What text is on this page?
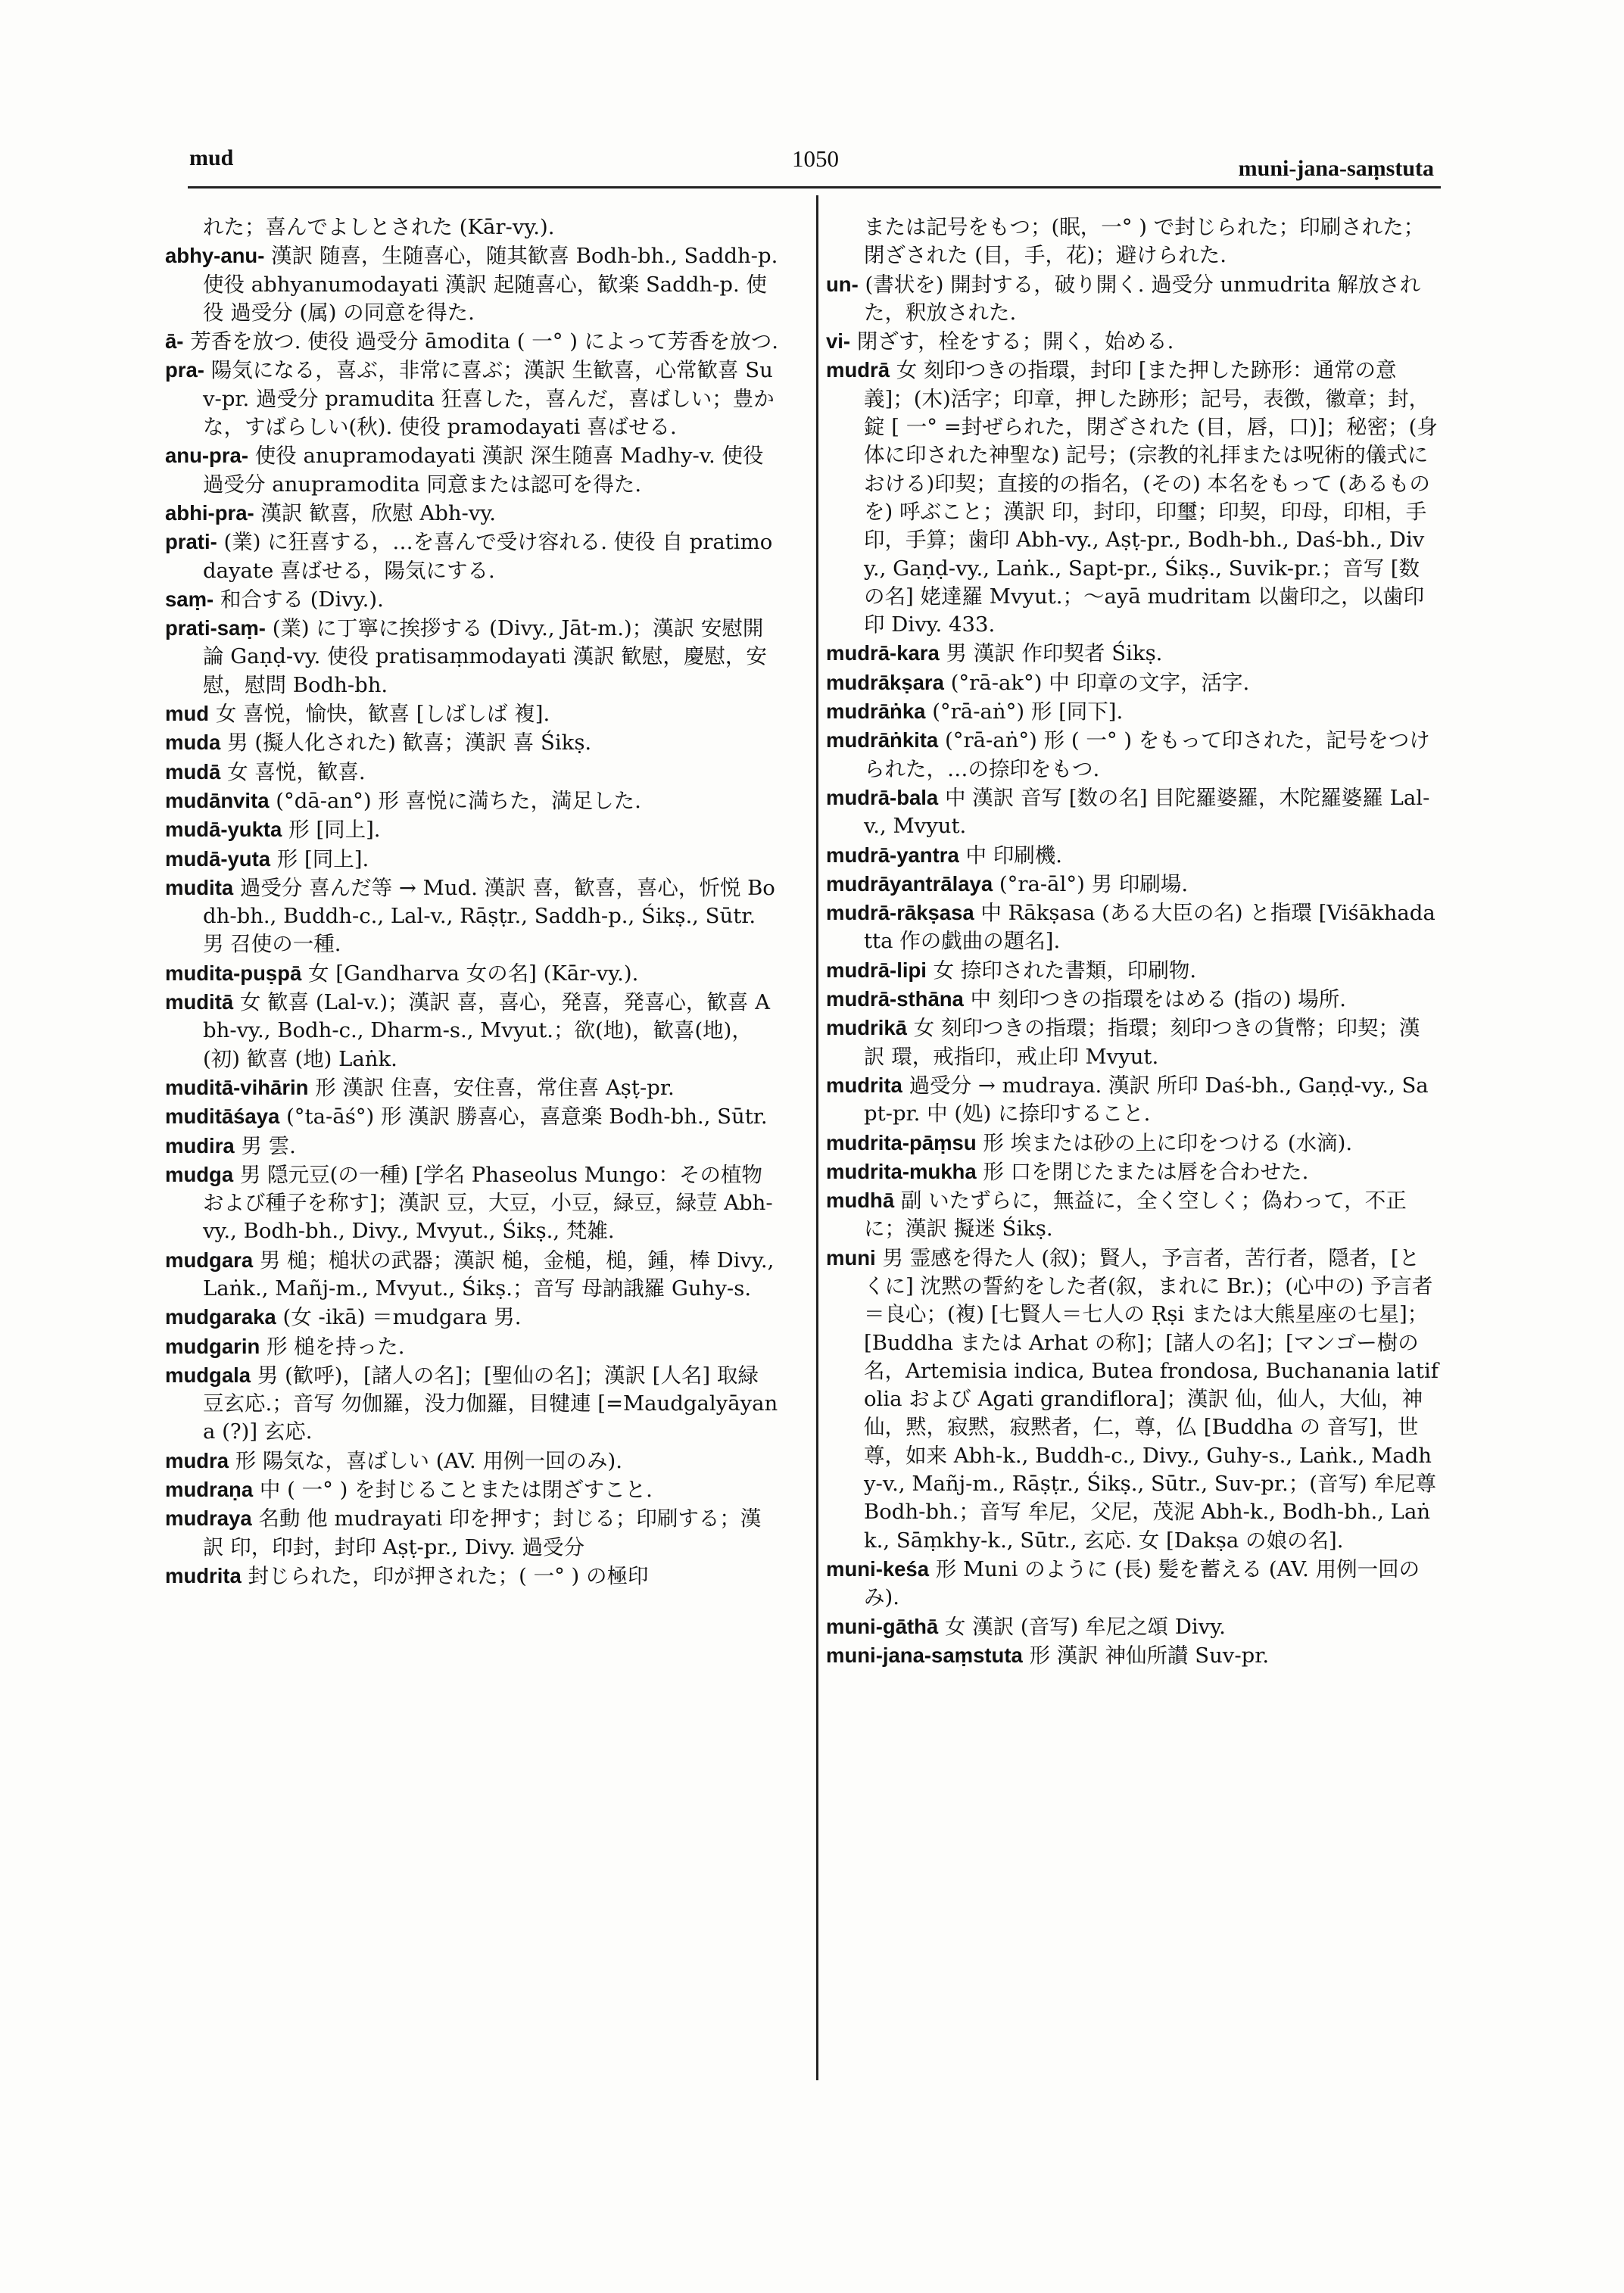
mud	1050	muni-jana-saṃstuta

れた；喜んでよしとされた (Kār-vy.).

abhy-anu- 漢訳 随喜，生随喜心，随其歓喜 Bodh-bh., Saddh-p. 使役 abhyanumodayati 漢訳 起随喜心，歓楽 Saddh-p. 使役 過受分 (属) の同意を得た.

ā- 芳香を放つ. 使役 過受分 āmodita ( 一° ) によって芳香を放つ.

pra- 陽気になる，喜ぶ，非常に喜ぶ；漢訳 生歓喜，心常歓喜 Suv-pr. 過受分 pramudita 狂喜した，喜んだ，喜ばしい；豊かな，すばらしい(秋). 使役 pramodayati 喜ばせる.

anu-pra- 使役 anupramodayati 漢訳 深生随喜 Madhy-v. 使役 過受分 anupramodita 同意または認可を得た.

abhi-pra- 漢訳 歓喜，欣慰 Abh-vy.

prati- (業) に狂喜する，…を喜んで受け容れる. 使役 自 pratimodayate 喜ばせる，陽気にする.

saṃ- 和合する (Divy.).

prati-saṃ- (業) に丁寧に挨拶する (Divy., Jāt-m.)；漢訳 安慰開論 Gaṇḍ-vy. 使役 pratisaṃmodayati 漢訳 歓慰，慶慰，安慰，慰問 Bodh-bh.

mud 女 喜悦，愉快，歓喜 [しばしば 複].

muda 男 (擬人化された) 歓喜；漢訳 喜 Śikṣ.

mudā 女 喜悦，歓喜.

mudānvita (°dā-an°) 形 喜悦に満ちた，満足した.

mudā-yukta 形 [同上].

mudā-yuta 形 [同上].

mudita 過受分 喜んだ等 → Mud. 漢訳 喜，歓喜，喜心，忻悦 Bodh-bh., Buddh-c., Lal-v., Rāṣṭr., Saddh-p., Śikṣ., Sūtr. 男 召使の一種.

mudita-puṣpā 女 [Gandharva 女の名] (Kār-vy.).

muditā 女 歓喜 (Lal-v.)；漢訳 喜，喜心，発喜，発喜心，歓喜 Abh-vy., Bodh-c., Dharm-s., Mvyut.；欲(地)，歓喜(地)，(初) 歓喜 (地) Laṅk.

muditā-vihārin 形 漢訳 住喜，安住喜，常住喜 Aṣṭ-pr.

muditāśaya (°ta-āś°) 形 漢訳 勝喜心，喜意楽 Bodh-bh., Sūtr.

mudira 男 雲.

mudga 男 隠元豆(の一種) [学名 Phaseolus Mungo：その植物および種子を称す]；漢訳 豆，大豆，小豆，緑豆，緑荳 Abh-vy., Bodh-bh., Divy., Mvyut., Śikṣ., 梵雑.

mudgara 男 槌；槌状の武器；漢訳 槌，金槌，槌，鍾，棒 Divy., Laṅk., Mañj-m., Mvyut., Śikṣ.；音写 母訥誐羅 Guhy-s.

mudgaraka (女 -ikā) ＝mudgara 男.

mudgarin 形 槌を持った.

mudgala 男 (歓呼)，[諸人の名]；[聖仙の名]；漢訳 [人名] 取緑豆玄応.；音写 勿伽羅，没力伽羅，目犍連 [=Maudgalyāyana (?)] 玄応.

mudra 形 陽気な，喜ばしい (AV. 用例一回のみ).

mudraṇa 中 ( 一° ) を封じることまたは閉ざすこと.

mudraya 名動 他 mudrayati 印を押す；封じる；印刷する；漢訳 印，印封，封印 Aṣṭ-pr., Divy. 過受分

mudrita 封じられた，印が押された；( 一° ) の極印

または記号をもつ；(眠，一° ) で封じられた；印刷された；閉ざされた (目，手，花)；避けられた.

un- (書状を) 開封する，破り開く. 過受分 unmudrita 解放された，釈放された.

vi- 閉ざす，栓をする；開く，始める.

mudrā 女 刻印つきの指環，封印 [また押した跡形：通常の意義]；(木)活字；印章，押した跡形；記号，表徴，徽章；封，錠 [ 一° =封ぜられた，閉ざされた (目，唇，口)]；秘密；(身体に印された神聖な) 記号；(宗教的礼拝または呪術的儀式における)印契；直接的の指名，(その) 本名をもって (あるものを) 呼ぶこと；漢訳 印，封印，印璽；印契，印母，印相，手印，手算；歯印 Abh-vy., Aṣṭ-pr., Bodh-bh., Daś-bh., Divy., Gaṇḍ-vy., Laṅk., Sapt-pr., Śikṣ., Suvik-pr.；音写 [数の名] 姥達羅 Mvyut.；～ayā mudritam 以歯印之，以歯印印 Divy. 433.

mudrā-kara 男 漢訳 作印契者 Śikṣ.

mudrākṣara (°rā-ak°) 中 印章の文字，活字.

mudrāṅka (°rā-aṅ°) 形 [同下].

mudrāṅkita (°rā-aṅ°) 形 ( 一° ) をもって印された，記号をつけられた，…の捺印をもつ.

mudrā-bala 中 漢訳 音写 [数の名] 目陀羅婆羅，木陀羅婆羅 Lal-v., Mvyut.

mudrā-yantra 中 印刷機.

mudrāyantrālaya (°ra-āl°) 男 印刷場.

mudrā-rākṣasa 中 Rākṣasa (ある大臣の名) と指環 [Viśākhadatta 作の戯曲の題名].

mudrā-lipi 女 捺印された書類，印刷物.

mudrā-sthāna 中 刻印つきの指環をはめる (指の) 場所.

mudrikā 女 刻印つきの指環；指環；刻印つきの貨幣；印契；漢訳 環，戒指印，戒止印 Mvyut.

mudrita 過受分 → mudraya. 漢訳 所印 Daś-bh., Gaṇḍ-vy., Sapt-pr. 中 (処) に捺印すること.

mudrita-pāṃsu 形 埃または砂の上に印をつける (水滴).

mudrita-mukha 形 口を閉じたまたは唇を合わせた.

mudhā 副 いたずらに，無益に，全く空しく；偽わって，不正に；漢訳 擬迷 Śikṣ.

muni 男 霊感を得た人 (叙)；賢人，予言者，苦行者，隠者，[とくに] 沈黙の誓約をした者(叙，まれに Br.)；(心中の) 予言者＝良心；(複) [七賢人＝七人の Ṛṣi または大熊星座の七星]；[Buddha または Arhat の称]；[諸人の名]；[マンゴー樹の名，Artemisia indica, Butea frondosa, Buchanania latifolia および Agati grandiflora]；漢訳 仙，仙人，大仙，神仙，黙，寂黙，寂黙者，仁，尊，仏 [Buddha の 音写]，世尊，如来 Abh-k., Buddh-c., Divy., Guhy-s., Laṅk., Madhy-v., Mañj-m., Rāṣṭr., Śikṣ., Sūtr., Suv-pr.；(音写) 牟尼尊 Bodh-bh.；音写 牟尼，父尼，茂泥 Abh-k., Bodh-bh., Laṅk., Sāṃkhy-k., Sūtr., 玄応. 女 [Dakṣa の娘の名].

muni-keśa 形 Muni のように (長) 髪を蓄える (AV. 用例一回のみ).

muni-gāthā 女 漢訳 (音写) 牟尼之頌 Divy.

muni-jana-saṃstuta 形 漢訳 神仙所讃 Suv-pr.
